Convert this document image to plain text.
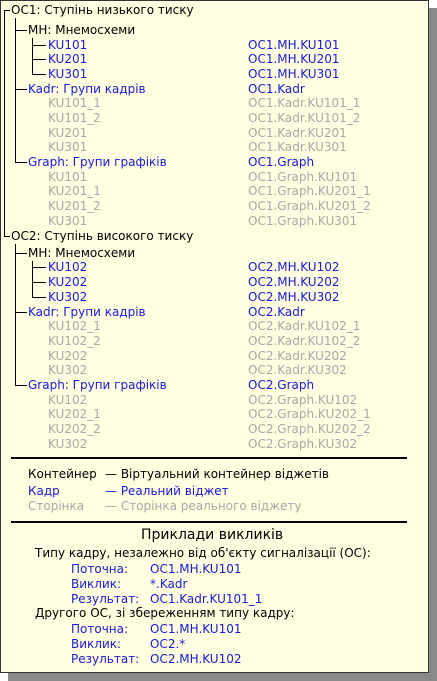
OC1: Ступінь низького тиску
MH: Мнемосхеми
KU101	OC1.MH.KU101
KU201	OC1.MH.KU201
KU301	OC1.MH.KU301
Kadr: Групи кадрів	OC1.Kadr
KU101_1	OC1.Kadr.KU101_1
KU101_2	OC1.Kadr.KU101_2
KU201	OC1.Kadr.KU201
KU301	OC1.Kadr.KU301
Graph: Групи графіків	OC1.Graph
KU101	OC1.Graph.KU101
KU201_1	OC1.Graph.KU201_1
KU201_2	OC1.Graph.KU201_2
KU301	OC1.Graph.KU301
OC2: Ступінь високого тиску
MH: Мнемосхеми
KU102	OC2.MH.KU102
KU202	OC2.MH.KU202
KU302	OC2.MH.KU302
Kadr: Групи кадрів	OC2.Kadr
KU102_1	OC2.Kadr.KU102_1
KU102_2	OC2.Kadr.KU102_2
KU202	OC2.Kadr.KU202
KU302	OC2.Kadr.KU302
Graph: Групи графіків	OC2.Graph
KU102	OC2.Graph.KU102
KU202_1	OC2.Graph.KU202_1
KU202_2	OC2.Graph.KU202_2
KU302	OC2.Graph.KU302
Контейнер — Віртуальний контейнер віджетів
Кадр	— Реальний віджет
Сторінка — Сторінка реального віджету
Приклади викликів
Типу кадру, незалежно від об'єкту сигналізації (OC):
Поточна: OC1.MH.KU101
Виклик: *.Kadr
Результат: OC1.Kadr.KU101_1
Другого ОС, зі збереженням типу кадру:
Поточна: OC1.MH.KU101
Виклик: OC2.*
Результат: OC2.MH.KU102
